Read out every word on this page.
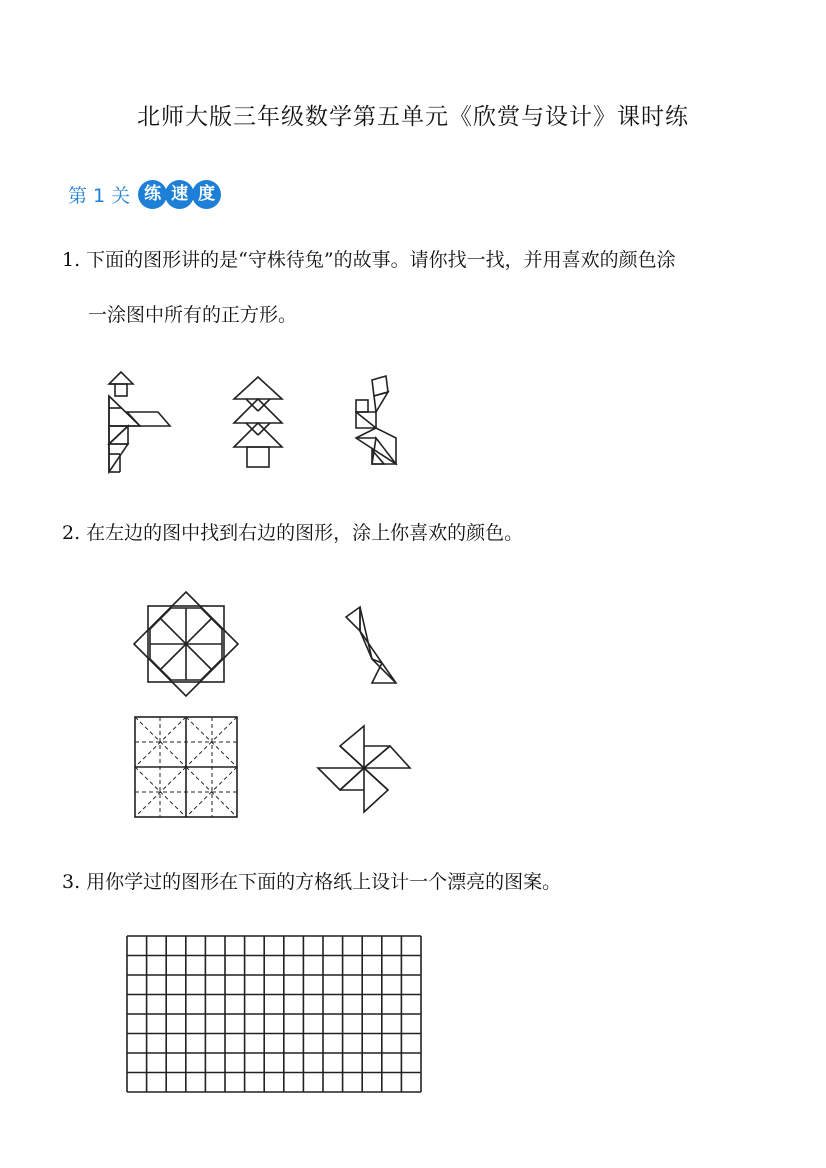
北师大版三年级数学第五单元《欣赏与设计》课时练
第 1 关 练 速 度
1. 下面的图形讲的是“守株待兔”的故事。请你找一找，并用喜欢的颜色涂
一涂图中所有的正方形。
2. 在左边的图中找到右边的图形，涂上你喜欢的颜色。
3. 用你学过的图形在下面的方格纸上设计一个漂亮的图案。
